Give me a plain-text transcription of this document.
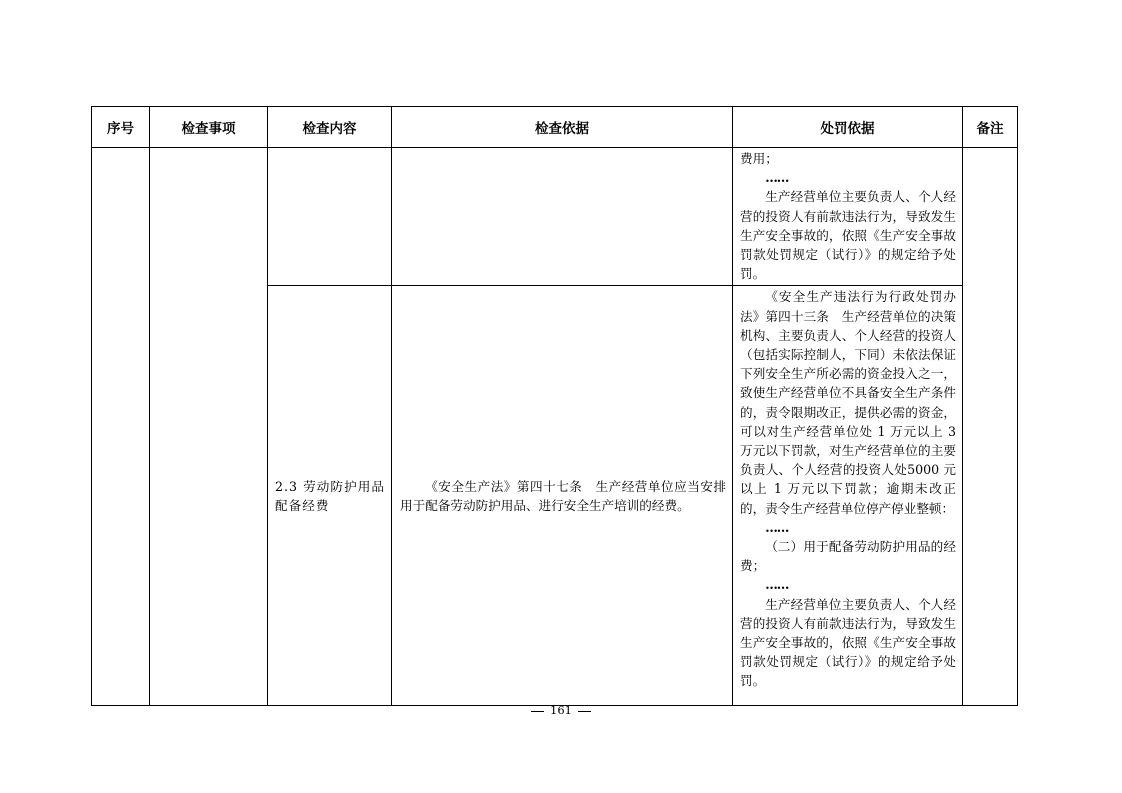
序号	检查事项	检查内容	检查依据	处罚依据	备注

				费用；
……
生产经营单位主要负责人、个人经营的投资人有前款违法行为，导致发生生产安全事故的，依照《生产安全事故罚款处罚规定（试行）》的规定给予处罚。	

		2.3 劳动防护用品配备经费	《安全生产法》第四十七条　生产经营单位应当安排用于配备劳动防护用品、进行安全生产培训的经费。	《安全生产违法行为行政处罚办法》第四十三条　生产经营单位的决策机构、主要负责人、个人经营的投资人（包括实际控制人，下同）未依法保证下列安全生产所必需的资金投入之一，致使生产经营单位不具备安全生产条件的，责令限期改正，提供必需的资金，可以对生产经营单位处 1 万元以上 3 万元以下罚款，对生产经营单位的主要负责人、个人经营的投资人处5000 元以上 1 万元以下罚款；逾期未改正的，责令生产经营单位停产停业整顿：
……
（二）用于配备劳动防护用品的经费；
……
生产经营单位主要负责人、个人经营的投资人有前款违法行为，导致发生生产安全事故的，依照《生产安全事故罚款处罚规定（试行）》的规定给予处罚。	
161
